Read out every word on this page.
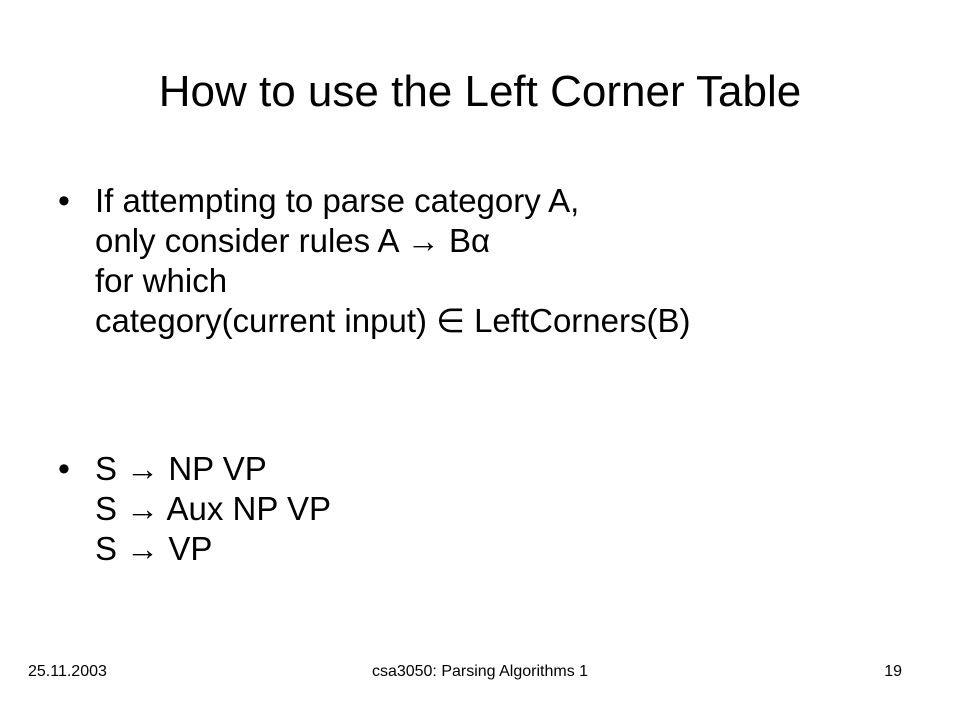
How to use the Left Corner Table
• If attempting to parse category A,
only consider rules A → Bα
for which
category(current input) ∈ LeftCorners(B)
• S → NP VP
S → Aux NP VP
S → VP
25.11.2003	csa3050: Parsing Algorithms 1	19
